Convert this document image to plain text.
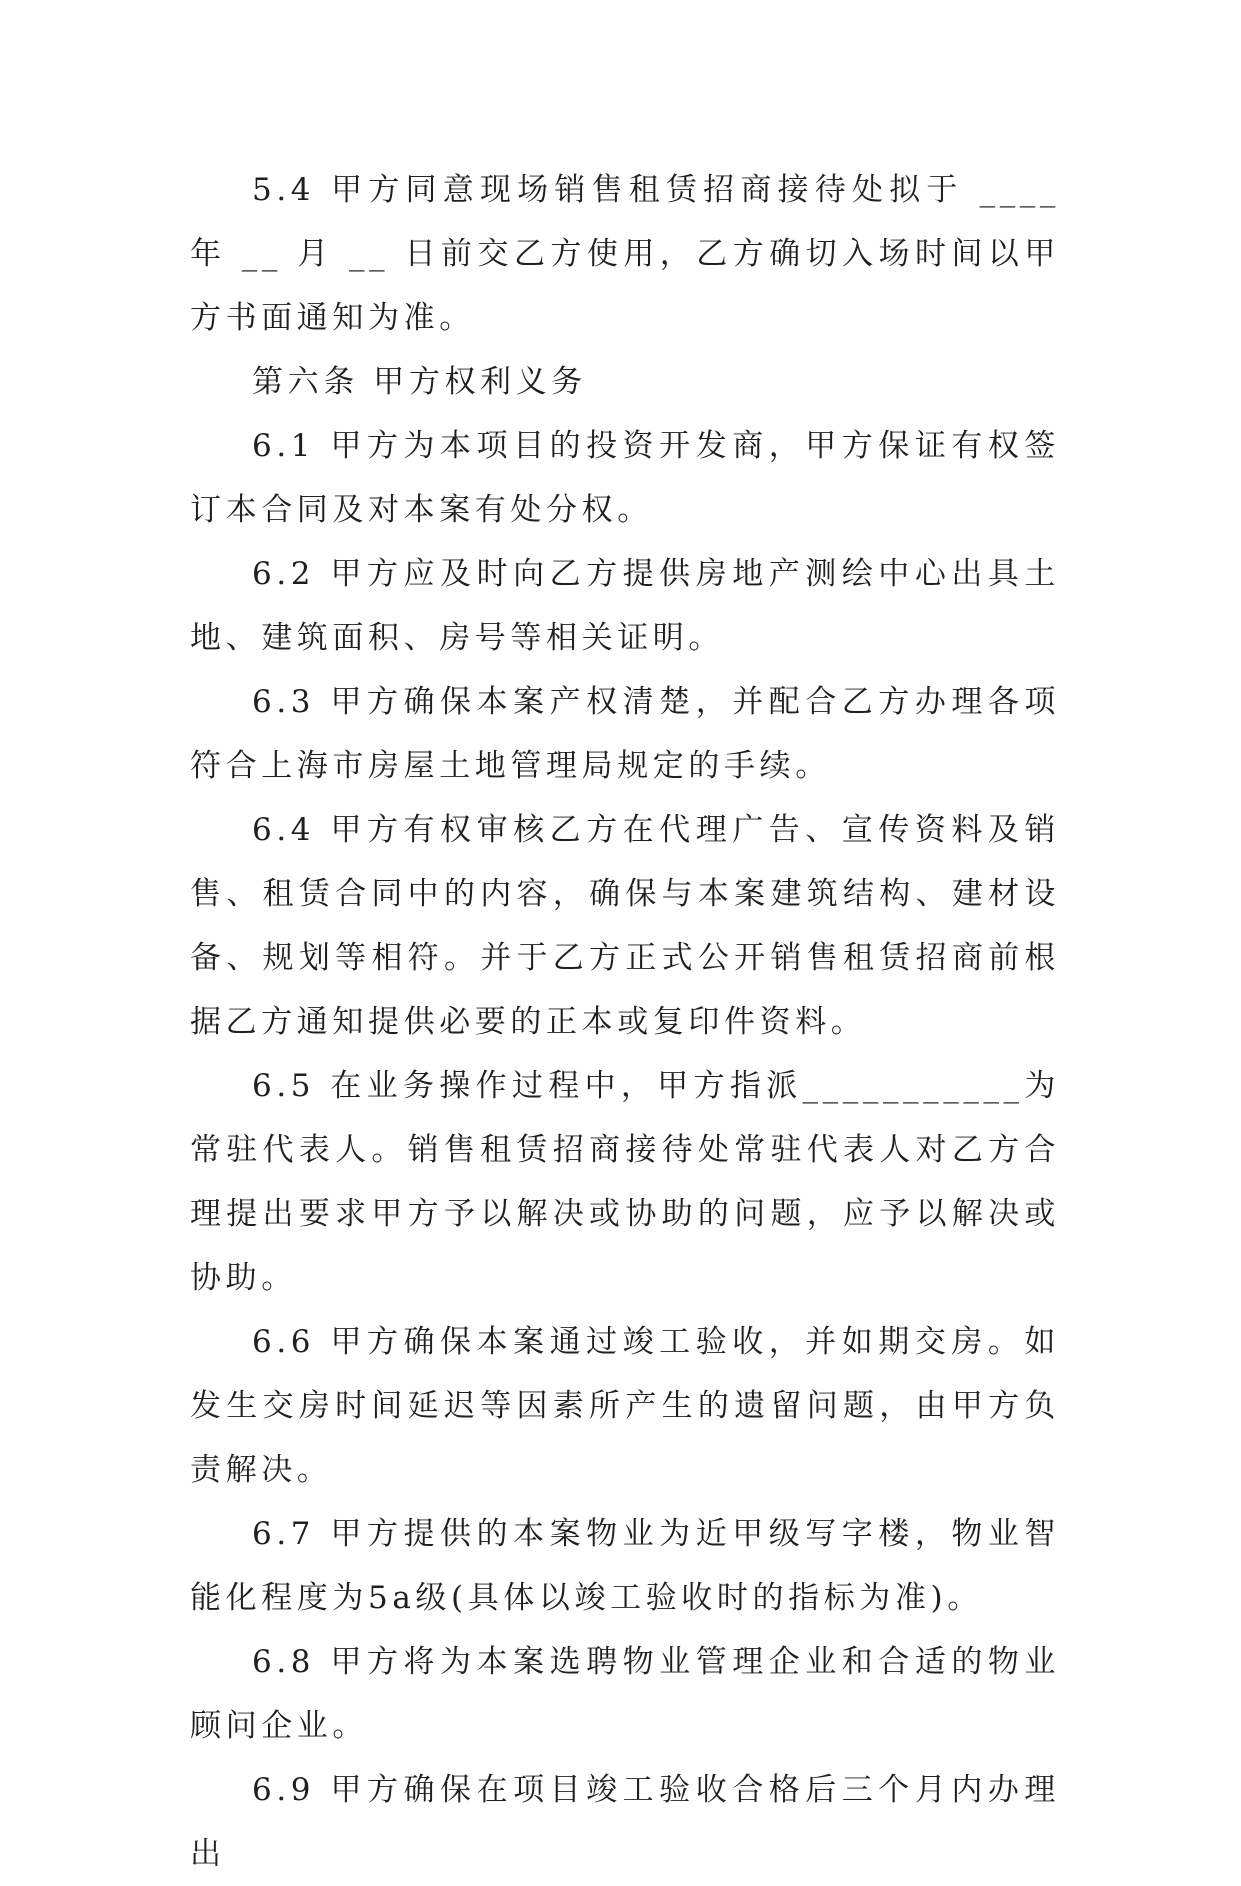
5.4 甲方同意现场销售租赁招商接待处拟于 ____ 年 __ 月 __ 日前交乙方使用，乙方确切入场时间以甲方书面通知为准。

第六条 甲方权利义务

6.1 甲方为本项目的投资开发商，甲方保证有权签订本合同及对本案有处分权。

6.2 甲方应及时向乙方提供房地产测绘中心出具土地、建筑面积、房号等相关证明。

6.3 甲方确保本案产权清楚，并配合乙方办理各项符合上海市房屋土地管理局规定的手续。

6.4 甲方有权审核乙方在代理广告、宣传资料及销售、租赁合同中的内容，确保与本案建筑结构、建材设备、规划等相符。并于乙方正式公开销售租赁招商前根据乙方通知提供必要的正本或复印件资料。

6.5 在业务操作过程中，甲方指派___________为常驻代表人。销售租赁招商接待处常驻代表人对乙方合理提出要求甲方予以解决或协助的问题，应予以解决或协助。

6.6 甲方确保本案通过竣工验收，并如期交房。如发生交房时间延迟等因素所产生的遗留问题，由甲方负责解决。

6.7 甲方提供的本案物业为近甲级写字楼，物业智能化程度为5a级(具体以竣工验收时的指标为准)。

6.8 甲方将为本案选聘物业管理企业和合适的物业顾问企业。

6.9 甲方确保在项目竣工验收合格后三个月内办理出
